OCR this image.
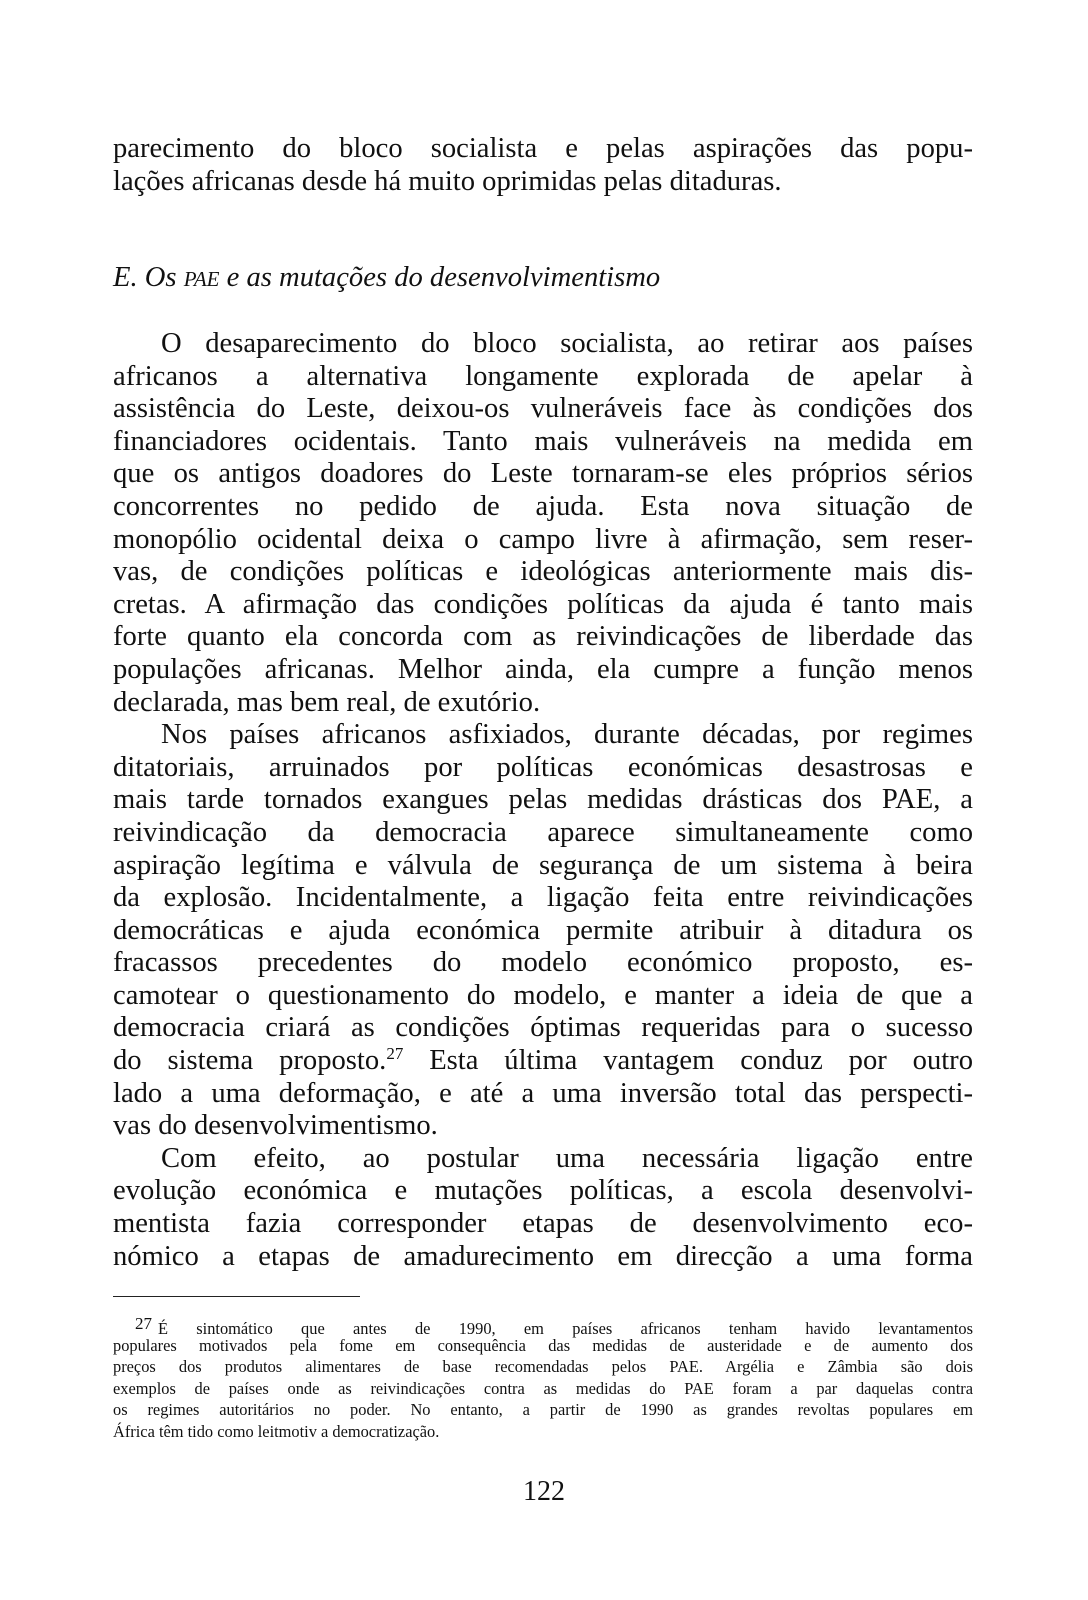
parecimento do bloco socialista e pelas aspirações das popu-
lações africanas desde há muito oprimidas pelas ditaduras.
E. Os PAE e as mutações do desenvolvimentismo
O desaparecimento do bloco socialista, ao retirar aos países
africanos a alternativa longamente explorada de apelar à
assistência do Leste, deixou-os vulneráveis face às condições dos
financiadores ocidentais. Tanto mais vulneráveis na medida em
que os antigos doadores do Leste tornaram-se eles próprios sérios
concorrentes no pedido de ajuda. Esta nova situação de
monopólio ocidental deixa o campo livre à afirmação, sem reser-
vas, de condições políticas e ideológicas anteriormente mais dis-
cretas. A afirmação das condições políticas da ajuda é tanto mais
forte quanto ela concorda com as reivindicações de liberdade das
populações africanas. Melhor ainda, ela cumpre a função menos
declarada, mas bem real, de exutório.
Nos países africanos asfixiados, durante décadas, por regimes
ditatoriais, arruinados por políticas económicas desastrosas e
mais tarde tornados exangues pelas medidas drásticas dos PAE, a
reivindicação da democracia aparece simultaneamente como
aspiração legítima e válvula de segurança de um sistema à beira
da explosão. Incidentalmente, a ligação feita entre reivindicações
democráticas e ajuda económica permite atribuir à ditadura os
fracassos precedentes do modelo económico proposto, es-
camotear o questionamento do modelo, e manter a ideia de que a
democracia criará as condições óptimas requeridas para o sucesso
do sistema proposto.$^{27}$ Esta última vantagem conduz por outro
lado a uma deformação, e até a uma inversão total das perspecti-
vas do desenvolvimentismo.
Com efeito, ao postular uma necessária ligação entre
evolução económica e mutações políticas, a escola desenvolvi-
mentista fazia corresponder etapas de desenvolvimento eco-
nómico a etapas de amadurecimento em direcção a uma forma
27 É sintomático que antes de 1990, em países africanos tenham havido levantamentos
populares motivados pela fome em consequência das medidas de austeridade e de aumento dos
preços dos produtos alimentares de base recomendadas pelos PAE. Argélia e Zâmbia são dois
exemplos de países onde as reivindicações contra as medidas do PAE foram a par daquelas contra
os regimes autoritários no poder. No entanto, a partir de 1990 as grandes revoltas populares em
África têm tido como leitmotiv a democratização.
122
